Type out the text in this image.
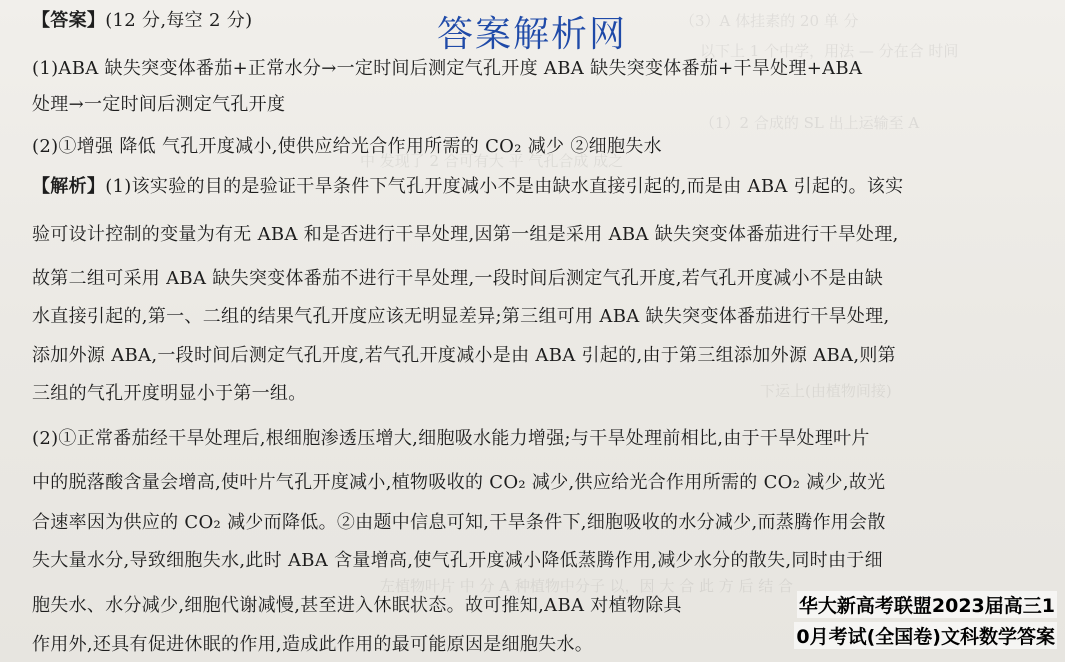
（3）A 体挂素的 20 单 分
以下上 1 个中学，用法 — 分在合 时间
（1）2 合成的 SL 出上运输至 A
中 发现了 2 合可有大 平 气孔合成 成之
下运上(由植物间接)
左植物叶片 中 分 A 种植物中分子 以，因 大 合 此 方 后 结 合
答案解析网
【答案】(12 分,每空 2 分)
(1)ABA 缺失突变体番茄+正常水分→一定时间后测定气孔开度 ABA 缺失突变体番茄+干旱处理+ABA
处理→一定时间后测定气孔开度
(2)①增强 降低 气孔开度减小,使供应给光合作用所需的 CO₂ 减少 ②细胞失水
【解析】(1)该实验的目的是验证干旱条件下气孔开度减小不是由缺水直接引起的,而是由 ABA 引起的。该实
验可设计控制的变量为有无 ABA 和是否进行干旱处理,因第一组是采用 ABA 缺失突变体番茄进行干旱处理,
故第二组可采用 ABA 缺失突变体番茄不进行干旱处理,一段时间后测定气孔开度,若气孔开度减小不是由缺
水直接引起的,第一、二组的结果气孔开度应该无明显差异;第三组可用 ABA 缺失突变体番茄进行干旱处理,
添加外源 ABA,一段时间后测定气孔开度,若气孔开度减小是由 ABA 引起的,由于第三组添加外源 ABA,则第
三组的气孔开度明显小于第一组。
(2)①正常番茄经干旱处理后,根细胞渗透压增大,细胞吸水能力增强;与干旱处理前相比,由于干旱处理叶片
中的脱落酸含量会增高,使叶片气孔开度减小,植物吸收的 CO₂ 减少,供应给光合作用所需的 CO₂ 减少,故光
合速率因为供应的 CO₂ 减少而降低。②由题中信息可知,干旱条件下,细胞吸收的水分减少,而蒸腾作用会散
失大量水分,导致细胞失水,此时 ABA 含量增高,使气孔开度减小降低蒸腾作用,减少水分的散失,同时由于细
胞失水、水分减少,细胞代谢减慢,甚至进入休眠状态。故可推知,ABA 对植物除具
作用外,还具有促进休眠的作用,造成此作用的最可能原因是细胞失水。
华大新高考联盟2023届高三1
0月考试(全国卷)文科数学答案
